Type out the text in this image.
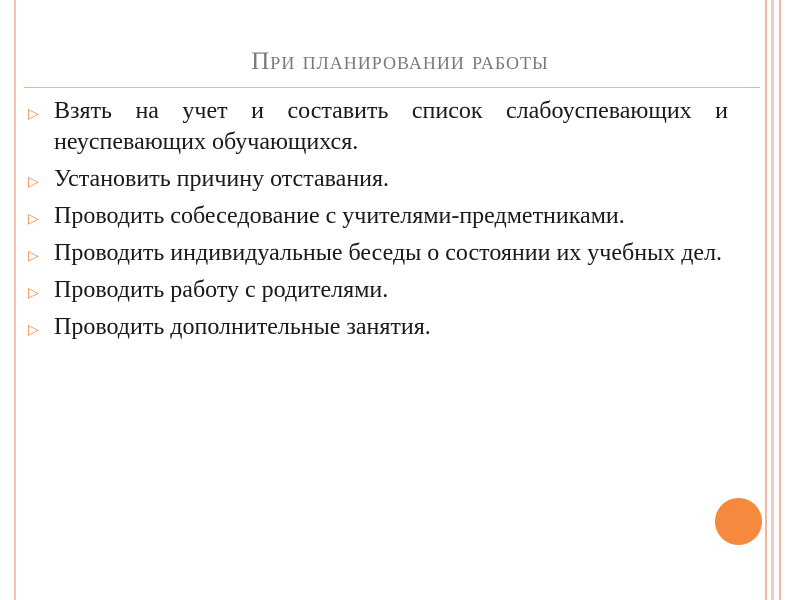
При планировании работы
▷ Взять на учет и составить список слабоуспевающих и неуспевающих обучающихся.
▷ Установить причину отставания.
▷ Проводить собеседование с учителями-предметниками.
▷ Проводить индивидуальные беседы о состоянии их учебных дел.
▷ Проводить работу с родителями.
▷ Проводить дополнительные занятия.
